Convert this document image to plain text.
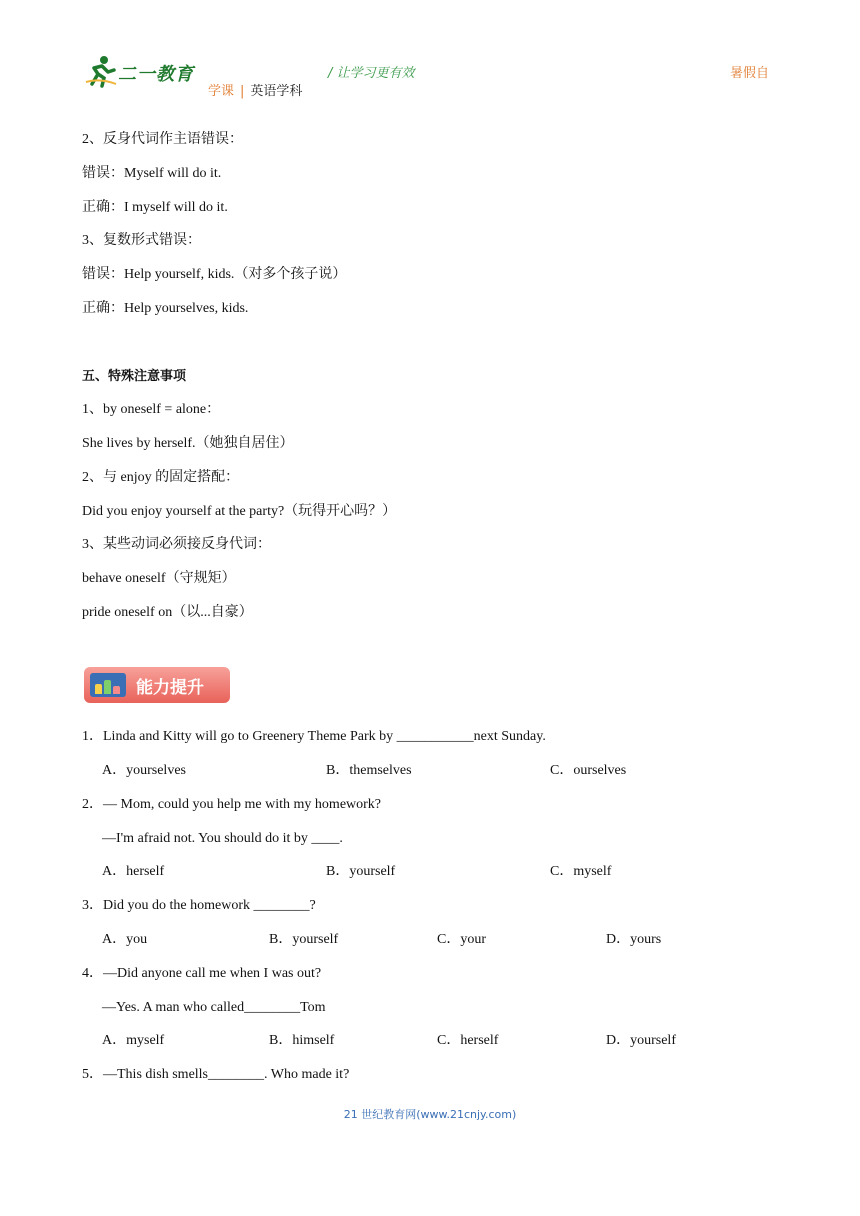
二一教育	/ 让学习更有效
学课 | 英语学科
暑假自
2、反身代词作主语错误：
错误：Myself will do it.
正确：I myself will do it.
3、复数形式错误：
错误：Help yourself, kids.（对多个孩子说）
正确：Help yourselves, kids.
五、特殊注意事项
1、by oneself = alone：
She lives by herself.（她独自居住）
2、与 enjoy 的固定搭配：
Did you enjoy yourself at the party?（玩得开心吗？）
3、某些动词必须接反身代词：
behave oneself（守规矩）
pride oneself on（以...自豪）
能力提升
1．Linda and Kitty will go to Greenery Theme Park by ___________next Sunday.
A．yourselves	B．themselves	C．ourselves
2．— Mom, could you help me with my homework?
—I'm afraid not. You should do it by ____.
A．herself	B．yourself	C．myself
3．Did you do the homework ________?
A．you	B．yourself	C．your	D．yours
4．—Did anyone call me when I was out?
—Yes. A man who called________Tom
A．myself	B．himself	C．herself	D．yourself
5．—This dish smells________. Who made it?
21 世纪教育网(www.21cnjy.com)
